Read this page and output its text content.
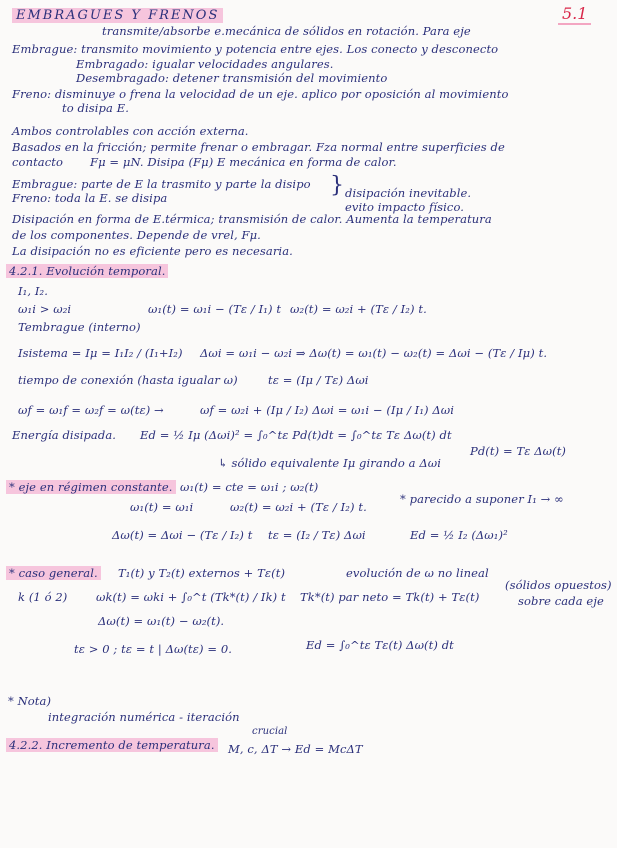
EMBRAGUES Y FRENOS	5.1
transmite/absorbe e.mecánica de sólidos en rotación. Para eje
Embrague: transmito movimiento y potencia entre ejes. Los conecto y desconecto
Embragado: igualar velocidades angulares.
Desembragado: detener transmisión del movimiento
Freno: disminuye o frena la velocidad de un eje. aplico por oposición al movimiento
to disipa E.
Ambos controlables con acción externa.
Basados en la fricción; permite frenar o embragar. Fza normal entre superficies de
contacto Fμ = μN. Disipa (Fμ) E mecánica en forma de calor.
Embrague: parte de E la trasmito y parte la disipo
Freno: toda la E. se disipa	} disipación inevitable.
evito impacto físico.
Disipación en forma de E.térmica; transmisión de calor. Aumenta la temperatura
de los componentes. Depende de vrel, Fμ.
La disipación no es eficiente pero es necesaria.
4.2.1. Evolución temporal.
I₁, I₂.
ω₁i > ω₂i	ω₁(t) = ω₁i − (Tε / I₁) t ω₂(t) = ω₂i + (Tε / I₂) t.
Tembrague (interno)
Isistema = Iμ = I₁I₂ / (I₁+I₂) Δωi = ω₁i − ω₂i ⇒ Δω(t) = ω₁(t) − ω₂(t) = Δωi − (Tε / Iμ) t.
tiempo de conexión (hasta igualar ω)	tε = (Iμ / Tε) Δωi
ωf = ω₁f = ω₂f = ω(tε) →	ωf = ω₂i + (Iμ / I₂) Δωi = ω₁i − (Iμ / I₁) Δωi
Energía disipada. Ed = ½ Iμ (Δωi)² = ∫₀^tε Pd(t)dt = ∫₀^tε Tε Δω(t) dt
Pd(t) = Tε Δω(t)
↳ sólido equivalente Iμ girando a Δωi
* eje en régimen constante. ω₁(t) = cte = ω₁i ; ω₂(t)
ω₁(t) = ω₁i	ω₂(t) = ω₂i + (Tε / I₂) t.
* parecido a suponer I₁ → ∞
Δω(t) = Δωi − (Tε / I₂) t tε = (I₂ / Tε) Δωi	Ed = ½ I₂ (Δω₁)²
* caso general. T₁(t) y T₂(t) externos + Tε(t)	evolución de ω no lineal
(sólidos opuestos)
k (1 ó 2) ωk(t) = ωki + ∫₀^t (Tk*(t) / Ik) t Tk*(t) par neto = Tk(t) + Tε(t)	sobre cada eje
Δω(t) = ω₁(t) − ω₂(t).
tε > 0 ; tε = t | Δω(tε) = 0.	Ed = ∫₀^tε Tε(t) Δω(t) dt
* Nota)
integración numérica - iteración
4.2.2. Incremento de temperatura.
crucial
M, c, ΔT → Ed = McΔT
